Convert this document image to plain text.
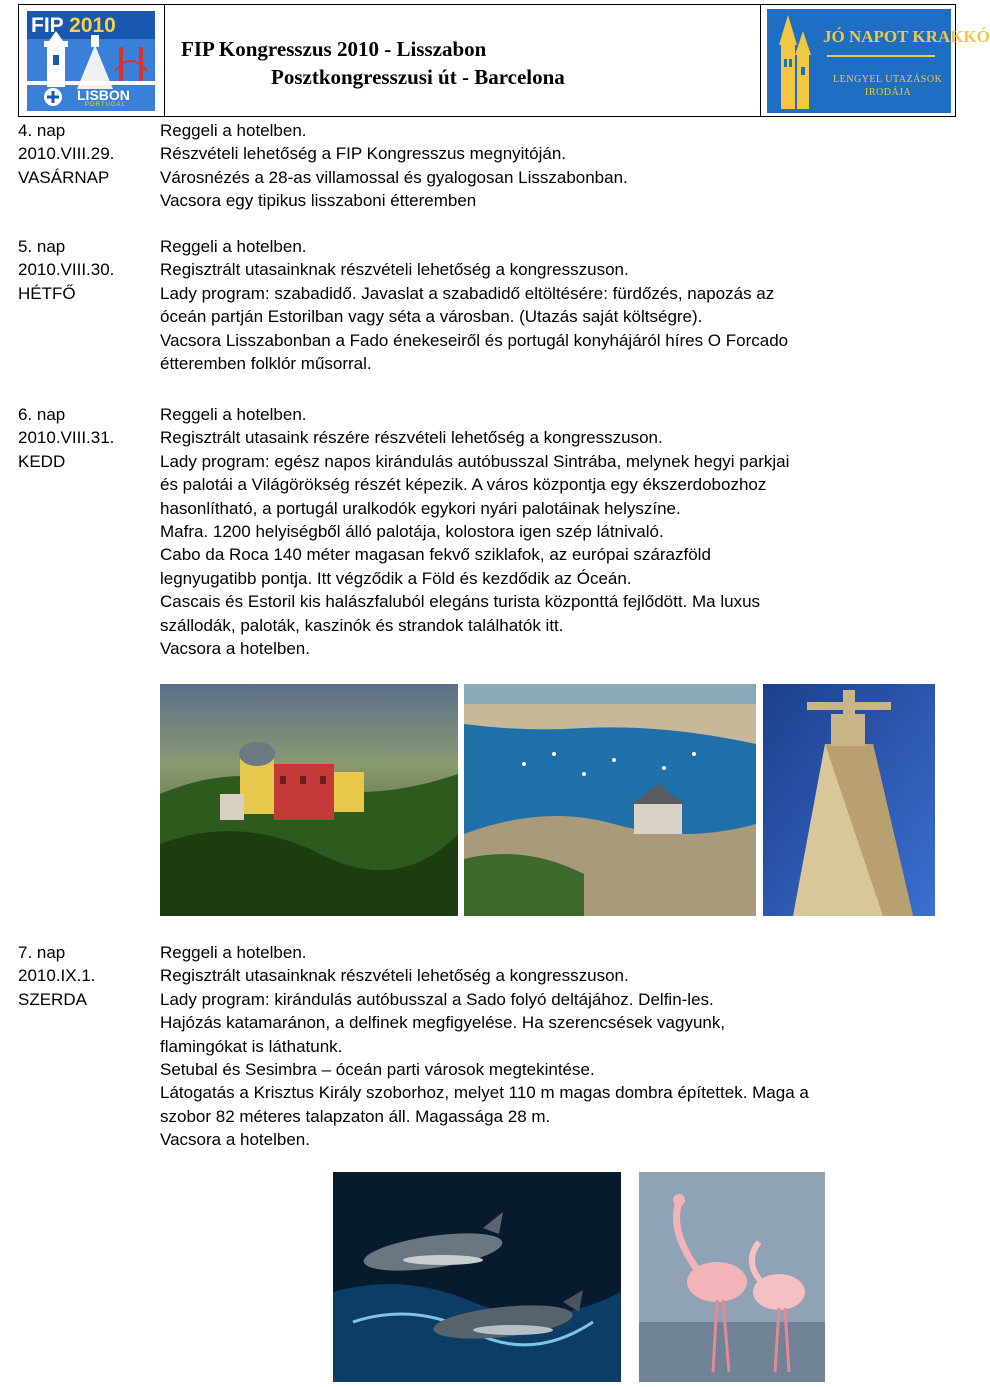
FIP 2010
LISBON
PORTUGAL

FIP Kongresszus 2010 - Lisszabon

Posztkongresszusi út - Barcelona

JÓ NAPOT KRAKKÓ
LENGYEL UTAZÁSOK
IRODÁJA
4. nap
2010.VIII.29.
VASÁRNAP
Reggeli a hotelben.
Részvételi lehetőség a FIP Kongresszus megnyitóján.
Városnézés a 28-as villamossal és gyalogosan Lisszabonban.
Vacsora egy tipikus lisszaboni étteremben
5. nap
2010.VIII.30.
HÉTFŐ
Reggeli a hotelben.
Regisztrált utasainknak részvételi lehetőség a kongresszuson.
Lady program: szabadidő. Javaslat a szabadidő eltöltésére: fürdőzés, napozás az
óceán partján Estorilban vagy séta a városban. (Utazás saját költségre).
Vacsora Lisszabonban a Fado énekeseiről és portugál konyhájáról híres O Forcado
étteremben folklór műsorral.
6. nap
2010.VIII.31.
KEDD
Reggeli a hotelben.
Regisztrált utasaink részére részvételi lehetőség a kongresszuson.
Lady program: egész napos kirándulás autóbusszal Sintrába, melynek hegyi parkjai
és palotái a Világörökség részét képezik. A város központja egy ékszerdobozhoz
hasonlítható, a portugál uralkodók egykori nyári palotáinak helyszíne.
Mafra. 1200 helyiségből álló palotája, kolostora igen szép látnivaló.
Cabo da Roca 140 méter magasan fekvő sziklafok, az európai szárazföld
legnyugatibb pontja. Itt végződik a Föld és kezdődik az Óceán.
Cascais és Estoril kis halászfaluból elegáns turista központtá fejlődött. Ma luxus
szállodák, paloták, kaszinók és strandok találhatók itt.
Vacsora a hotelben.
7. nap
2010.IX.1.
SZERDA
Reggeli a hotelben.
Regisztrált utasainknak részvételi lehetőség a kongresszuson.
Lady program: kirándulás autóbusszal a Sado folyó deltájához. Delfin-les.
Hajózás katamaránon, a delfinek megfigyelése. Ha szerencsések vagyunk,
flamingókat is láthatunk.
Setubal és Sesimbra – óceán parti városok megtekintése.
Látogatás a Krisztus Király szoborhoz, melyet 110 m magas dombra építettek. Maga a
szobor 82 méteres talapzaton áll. Magassága 28 m.
Vacsora a hotelben.
